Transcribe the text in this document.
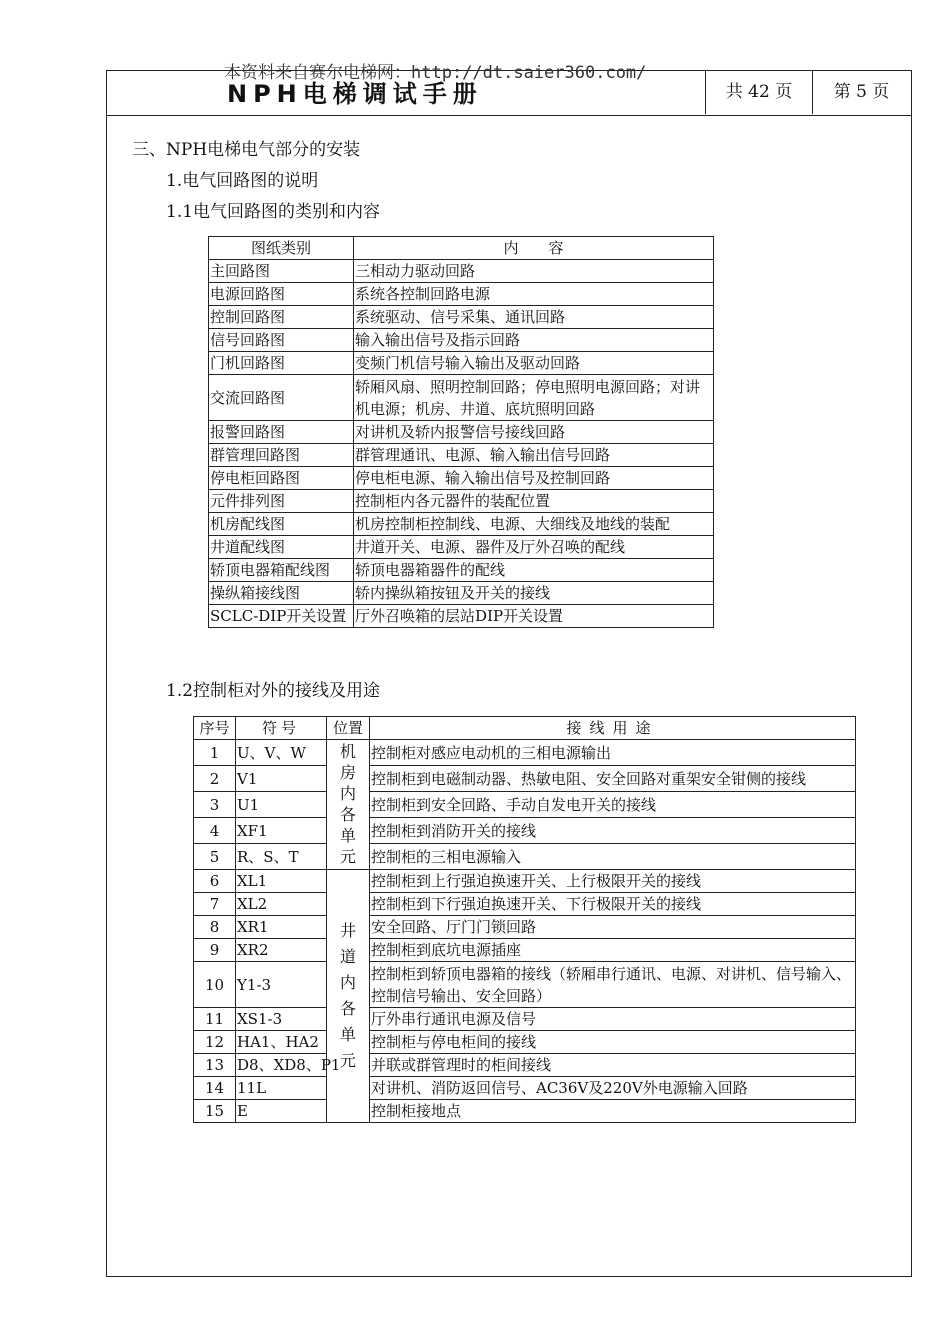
本资料来自赛尔电梯网：http://dt.saier360.com/
NPH电梯调试手册	共 42 页	第 5 页
三、NPH电梯电气部分的安装
1.电气回路图的说明
1.1电气回路图的类别和内容
图纸类别	内容
主回路图	三相动力驱动回路
电源回路图	系统各控制回路电源
控制回路图	系统驱动、信号采集、通讯回路
信号回路图	输入输出信号及指示回路
门机回路图	变频门机信号输入输出及驱动回路
交流回路图	轿厢风扇、照明控制回路；停电照明电源回路；对讲机电源；机房、井道、底坑照明回路
报警回路图	对讲机及轿内报警信号接线回路
群管理回路图	群管理通讯、电源、输入输出信号回路
停电柜回路图	停电柜电源、输入输出信号及控制回路
元件排列图	控制柜内各元器件的装配位置
机房配线图	机房控制柜控制线、电源、大细线及地线的装配
井道配线图	井道开关、电源、器件及厅外召唤的配线
轿顶电器箱配线图	轿顶电器箱器件的配线
操纵箱接线图	轿内操纵箱按钮及开关的接线
SCLC-DIP开关设置	厅外召唤箱的层站DIP开关设置
1.2控制柜对外的接线及用途
序号	符号	位置	接线用途
1	U、V、W	机房内各单元	控制柜对感应电动机的三相电源输出
2	V1		控制柜到电磁制动器、热敏电阻、安全回路对重架安全钳侧的接线
3	U1		控制柜到安全回路、手动自发电开关的接线
4	XF1		控制柜到消防开关的接线
5	R、S、T		控制柜的三相电源输入
6	XL1	井道内各单元	控制柜到上行强迫换速开关、上行极限开关的接线
7	XL2		控制柜到下行强迫换速开关、下行极限开关的接线
8	XR1		安全回路、厅门门锁回路
9	XR2		控制柜到底坑电源插座
10	Y1-3		控制柜到轿顶电器箱的接线（轿厢串行通讯、电源、对讲机、信号输入、控制信号输出、安全回路）
11	XS1-3		厅外串行通讯电源及信号
12	HA1、HA2		控制柜与停电柜间的接线
13	D8、XD8、P1		并联或群管理时的柜间接线
14	11L		对讲机、消防返回信号、AC36V及220V外电源输入回路
15	E		控制柜接地点
